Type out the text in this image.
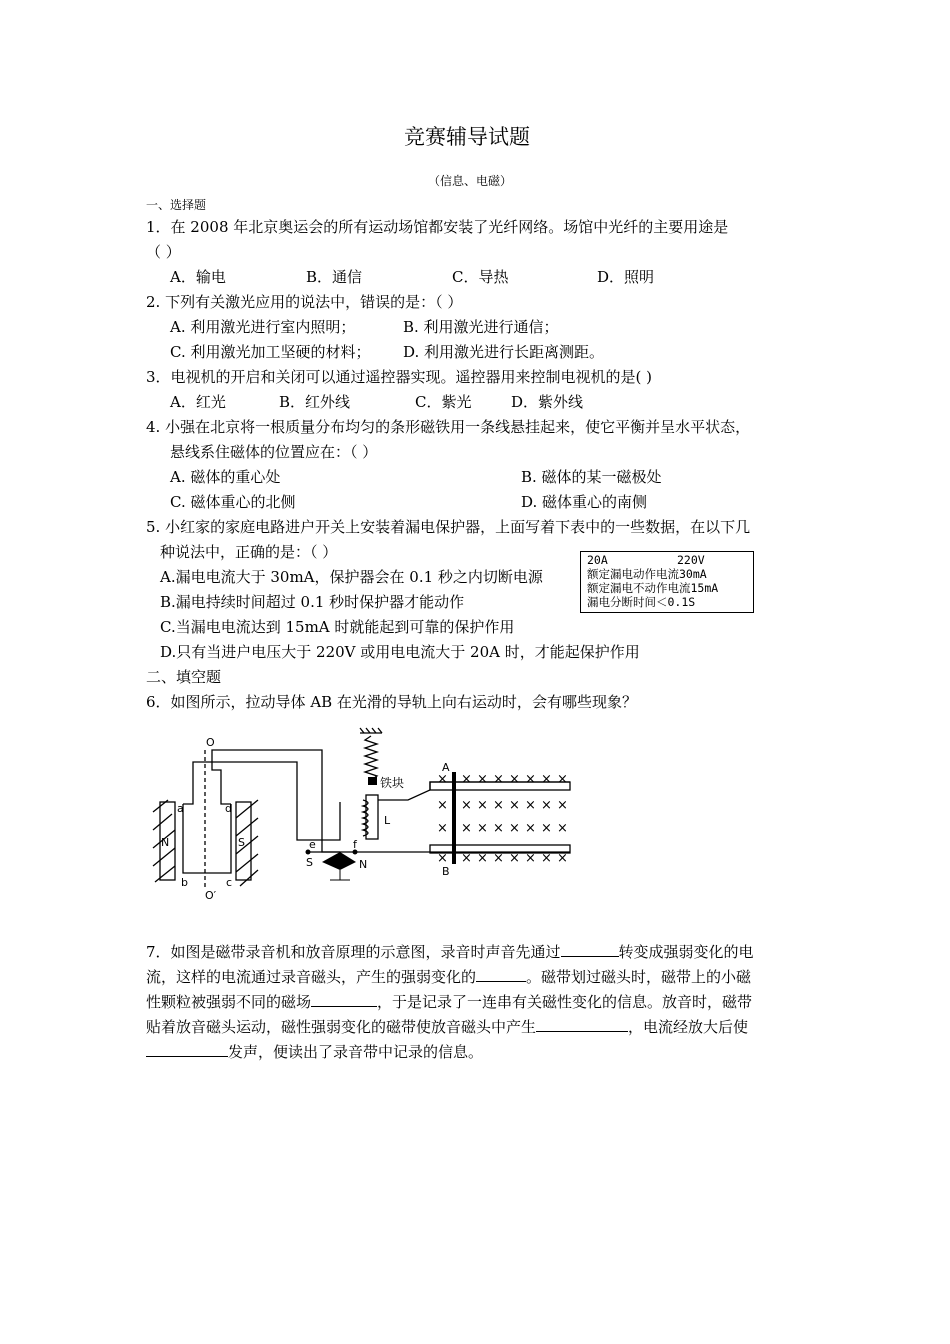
竞赛辅导试题
（信息、电磁）
一、选择题
1．在 2008 年北京奥运会的所有运动场馆都安装了光纤网络。场馆中光纤的主要用途是
（ ）
A．输电	B．通信	C．导热	D．照明
2. 下列有关激光应用的说法中，错误的是：（ ）
A. 利用激光进行室内照明；	B. 利用激光进行通信；
C. 利用激光加工坚硬的材料； D. 利用激光进行长距离测距。
3．电视机的开启和关闭可以通过遥控器实现。遥控器用来控制电视机的是( )
A．红光	B．红外线	C．紫光	D．紫外线
4. 小强在北京将一根质量分布均匀的条形磁铁用一条线悬挂起来，使它平衡并呈水平状态，
悬线系住磁体的位置应在：（ ）
A. 磁体的重心处	B. 磁体的某一磁极处
C. 磁体重心的北侧	D. 磁体重心的南侧
5. 小红家的家庭电路进户开关上安装着漏电保护器，上面写着下表中的一些数据，在以下几
种说法中，正确的是：（ ）
A.漏电电流大于 30mA，保护器会在 0.1 秒之内切断电源
B.漏电持续时间超过 0.1 秒时保护器才能动作
C.当漏电电流达到 15mA 时就能起到可靠的保护作用
D.只有当进户电压大于 220V 或用电电流大于 20A 时，才能起保护作用
20A	220V
额定漏电动作电流30mA
额定漏电不动作电流15mA
漏电分断时间＜0.1S
二、填空题
6．如图所示，拉动导体 AB 在光滑的导轨上向右运动时，会有哪些现象？
O
O′
a
b	c
d
N	S	e	f
S	N
铁块
L
A
B
× × × × × × × ×
× × × × × × × ×
× × × × × × × ×
× × × × × × × ×
7．如图是磁带录音机和放音原理的示意图，录音时声音先通过	转变成强弱变化的电
流，这样的电流通过录音磁头，产生的强弱变化的	。磁带划过磁头时，磁带上的小磁
性颗粒被强弱不同的磁场	，于是记录了一连串有关磁性变化的信息。放音时，磁带
贴着放音磁头运动，磁性强弱变化的磁带使放音磁头中产生	，电流经放大后使
发声，便读出了录音带中记录的信息。
